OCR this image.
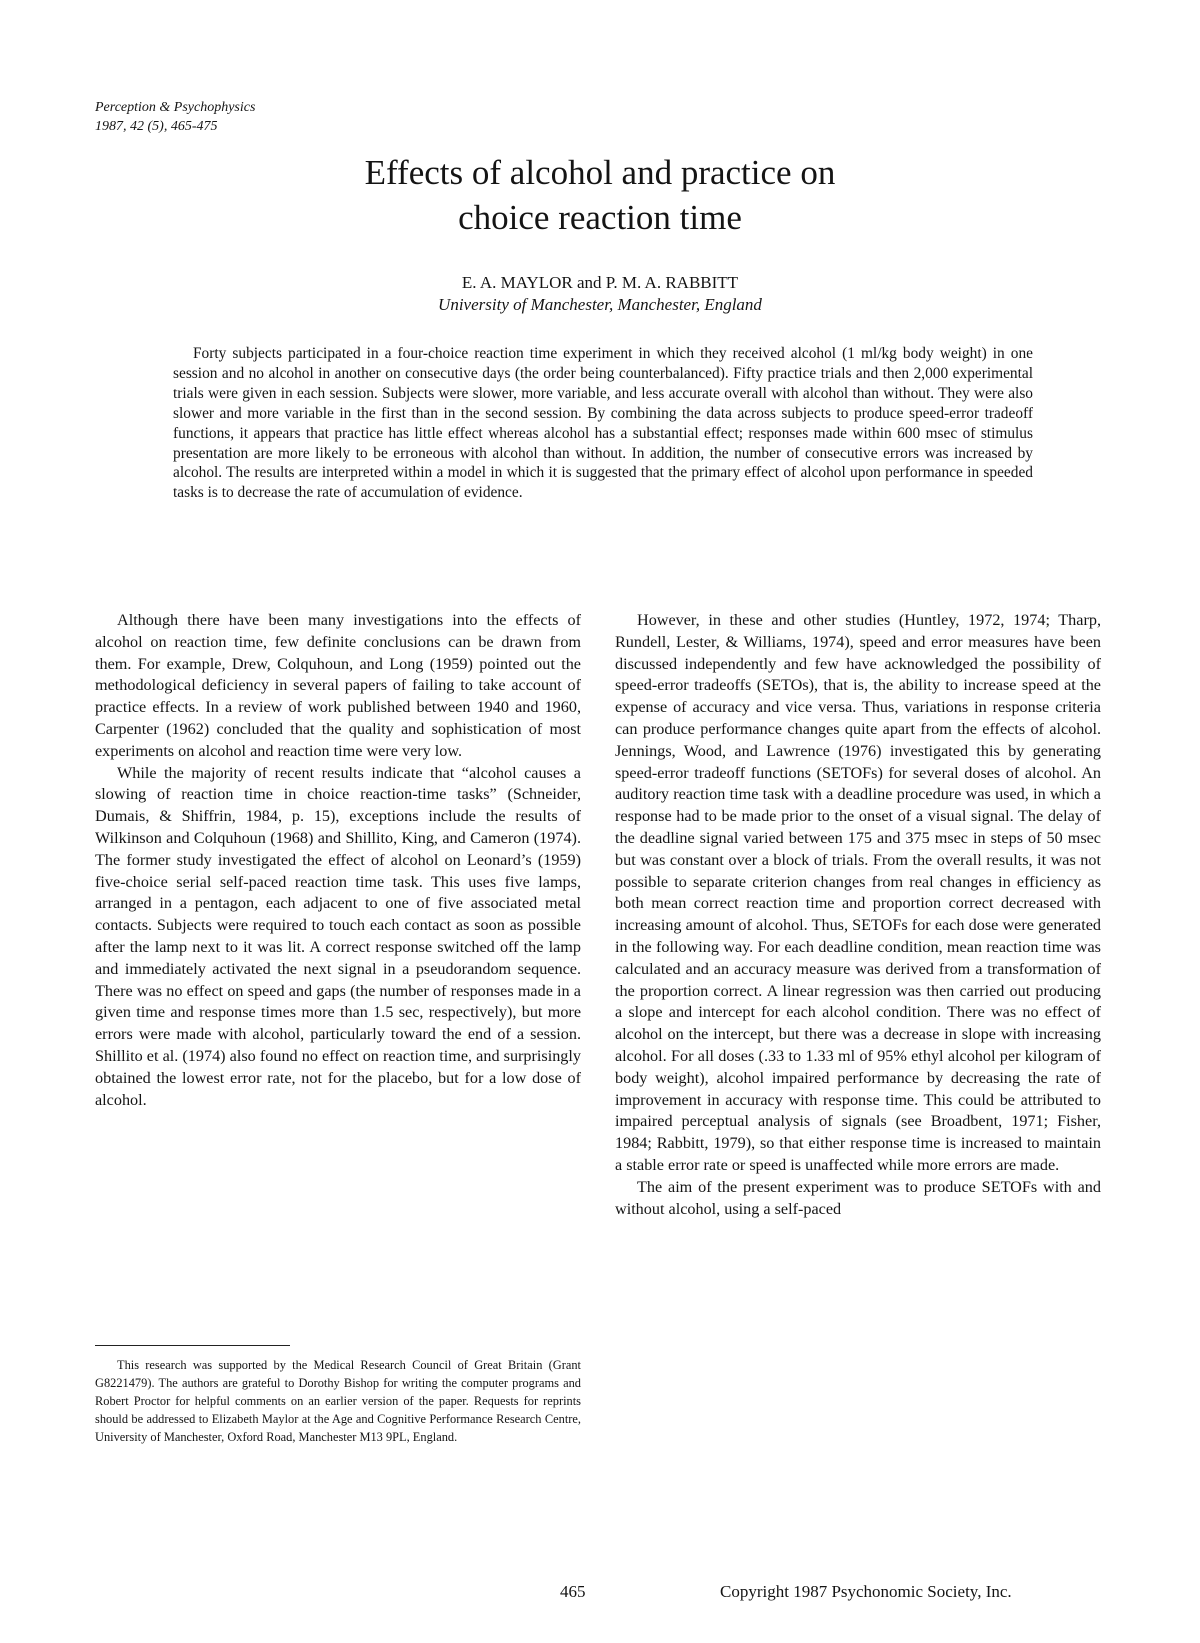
Perception & Psychophysics
1987, 42 (5), 465-475
Effects of alcohol and practice on
choice reaction time
E. A. MAYLOR and P. M. A. RABBITT
University of Manchester, Manchester, England

Forty subjects participated in a four-choice reaction time experiment in which they received alcohol (1 ml/kg body weight) in one session and no alcohol in another on consecutive days (the order being counterbalanced). Fifty practice trials and then 2,000 experimental trials were given in each session. Subjects were slower, more variable, and less accurate overall with alcohol than without. They were also slower and more variable in the first than in the second session. By combining the data across subjects to produce speed-error tradeoff functions, it appears that practice has little effect whereas alcohol has a substantial effect; responses made within 600 msec of stimulus presentation are more likely to be erroneous with alcohol than without. In addition, the number of consecutive errors was increased by alcohol. The results are interpreted within a model in which it is suggested that the primary effect of alcohol upon performance in speeded tasks is to decrease the rate of accumulation of evidence.

Although there have been many investigations into the effects of alcohol on reaction time, few definite conclusions can be drawn from them. For example, Drew, Colquhoun, and Long (1959) pointed out the methodological deficiency in several papers of failing to take account of practice effects. In a review of work published between 1940 and 1960, Carpenter (1962) concluded that the quality and sophistication of most experiments on alcohol and reaction time were very low.

While the majority of recent results indicate that “alcohol causes a slowing of reaction time in choice reaction-time tasks” (Schneider, Dumais, & Shiffrin, 1984, p. 15), exceptions include the results of Wilkinson and Colquhoun (1968) and Shillito, King, and Cameron (1974). The former study investigated the effect of alcohol on Leonard’s (1959) five-choice serial self-paced reaction time task. This uses five lamps, arranged in a pentagon, each adjacent to one of five associated metal contacts. Subjects were required to touch each contact as soon as possible after the lamp next to it was lit. A correct response switched off the lamp and immediately activated the next signal in a pseudorandom sequence. There was no effect on speed and gaps (the number of responses made in a given time and response times more than 1.5 sec, respectively), but more errors were made with alcohol, particularly toward the end of a session. Shillito et al. (1974) also found no effect on reaction time, and surprisingly obtained the lowest error rate, not for the placebo, but for a low dose of alcohol.

However, in these and other studies (Huntley, 1972, 1974; Tharp, Rundell, Lester, & Williams, 1974), speed and error measures have been discussed independently and few have acknowledged the possibility of speed-error tradeoffs (SETOs), that is, the ability to increase speed at the expense of accuracy and vice versa. Thus, variations in response criteria can produce performance changes quite apart from the effects of alcohol. Jennings, Wood, and Lawrence (1976) investigated this by generating speed-error tradeoff functions (SETOFs) for several doses of alcohol. An auditory reaction time task with a deadline procedure was used, in which a response had to be made prior to the onset of a visual signal. The delay of the deadline signal varied between 175 and 375 msec in steps of 50 msec but was constant over a block of trials. From the overall results, it was not possible to separate criterion changes from real changes in efficiency as both mean correct reaction time and proportion correct decreased with increasing amount of alcohol. Thus, SETOFs for each dose were generated in the following way. For each deadline condition, mean reaction time was calculated and an accuracy measure was derived from a transformation of the proportion correct. A linear regression was then carried out producing a slope and intercept for each alcohol condition. There was no effect of alcohol on the intercept, but there was a decrease in slope with increasing alcohol. For all doses (.33 to 1.33 ml of 95% ethyl alcohol per kilogram of body weight), alcohol impaired performance by decreasing the rate of improvement in accuracy with response time. This could be attributed to impaired perceptual analysis of signals (see Broadbent, 1971; Fisher, 1984; Rabbitt, 1979), so that either response time is increased to maintain a stable error rate or speed is unaffected while more errors are made.

The aim of the present experiment was to produce SETOFs with and without alcohol, using a self-paced

This research was supported by the Medical Research Council of Great Britain (Grant G8221479). The authors are grateful to Dorothy Bishop for writing the computer programs and Robert Proctor for helpful comments on an earlier version of the paper. Requests for reprints should be addressed to Elizabeth Maylor at the Age and Cognitive Performance Research Centre, University of Manchester, Oxford Road, Manchester M13 9PL, England.

465	Copyright 1987 Psychonomic Society, Inc.
